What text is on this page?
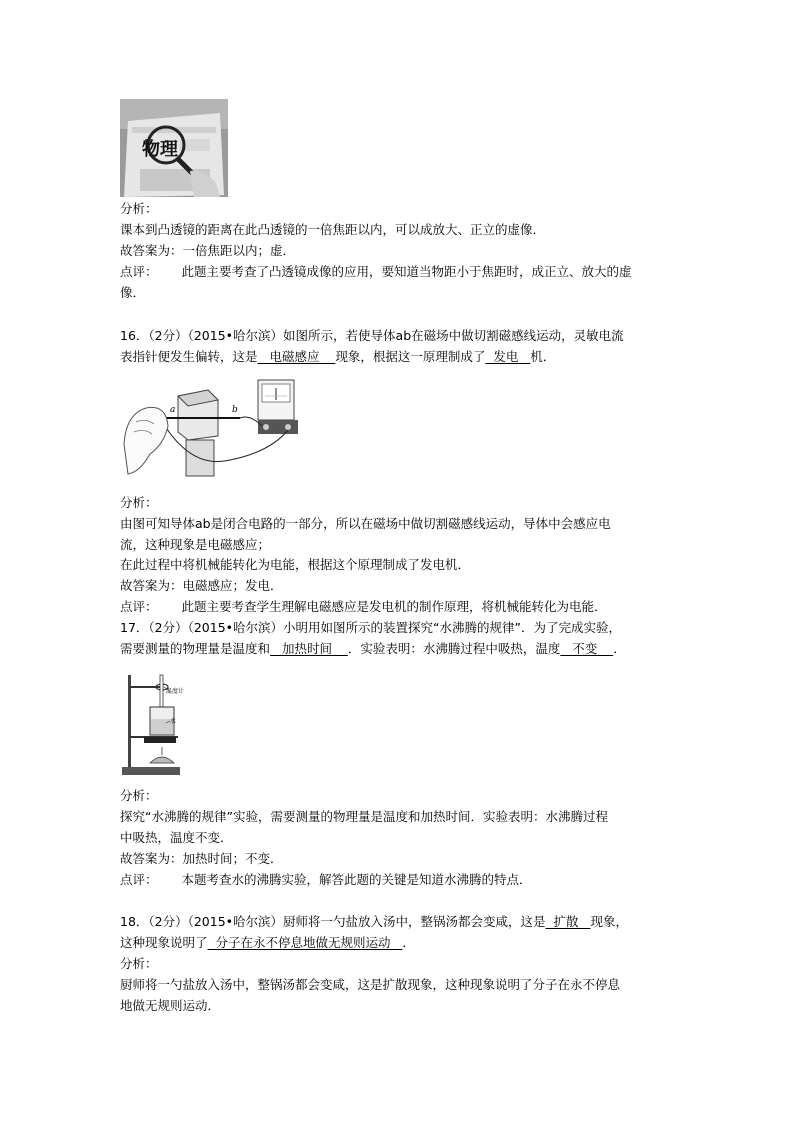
物理
分析：
课本到凸透镜的距离在此凸透镜的一倍焦距以内，可以成放大、正立的虚像．
故答案为：一倍焦距以内；虚．
点评： 此题主要考查了凸透镜成像的应用，要知道当物距小于焦距时，成正立、放大的虚
像．
16．（2分）（2015•哈尔滨）如图所示，若使导体ab在磁场中做切割磁感线运动，灵敏电流
表指针便发生偏转，这是 电磁感应 现象，根据这一原理制成了 发电 机．
a	b
分析：
由图可知导体ab是闭合电路的一部分，所以在磁场中做切割磁感线运动，导体中会感应电
流，这种现象是电磁感应；
在此过程中将机械能转化为电能，根据这个原理制成了发电机．
故答案为：电磁感应；发电．
点评： 此题主要考查学生理解电磁感应是发电机的制作原理，将机械能转化为电能．
17．（2分）（2015•哈尔滨）小明用如图所示的装置探究“水沸腾的规律”．为了完成实验，
需要测量的物理量是温度和 加热时间 ．实验表明：水沸腾过程中吸热，温度 不变 ．
温度计
水
分析：
探究“水沸腾的规律”实验，需要测量的物理量是温度和加热时间．实验表明：水沸腾过程
中吸热，温度不变．
故答案为：加热时间；不变．
点评： 本题考查水的沸腾实验，解答此题的关键是知道水沸腾的特点．
18．（2分）（2015•哈尔滨）厨师将一勺盐放入汤中，整锅汤都会变咸，这是 扩散 现象，
这种现象说明了 分子在永不停息地做无规则运动 ．
分析：
厨师将一勺盐放入汤中，整锅汤都会变咸，这是扩散现象，这种现象说明了分子在永不停息
地做无规则运动．
